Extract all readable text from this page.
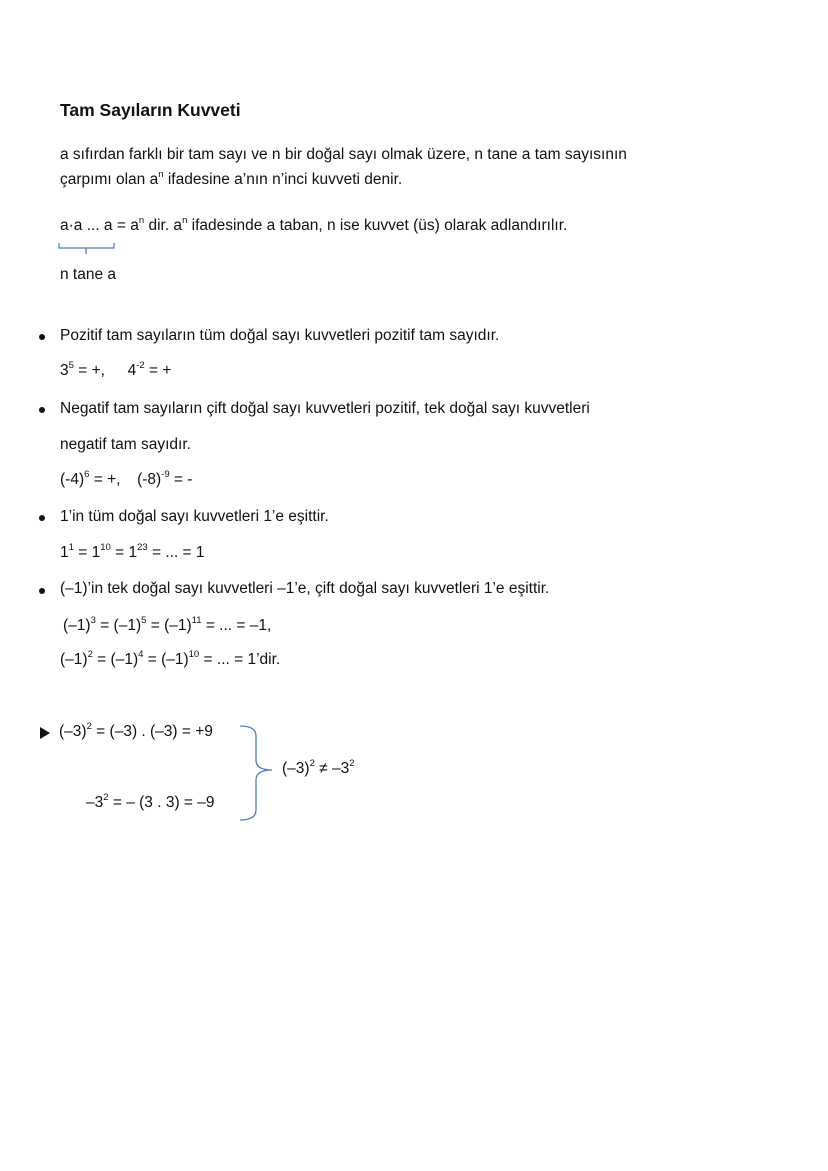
Tam Sayıların Kuvveti
a sıfırdan farklı bir tam sayı ve n bir doğal sayı olmak üzere, n tane a tam sayısının
çarpımı olan $a^n$ ifadesine a’nın n’inci kuvveti denir.
a·a ... $a = a^n$ dir. $a^n$ ifadesinde a taban, n ise kuvvet (üs) olarak adlandırılır.
n tane a
Pozitif tam sayıların tüm doğal sayı kuvvetleri pozitif tam sayıdır.
$3^5$ = +, $4^{-2}$ = +
Negatif tam sayıların çift doğal sayı kuvvetleri pozitif, tek doğal sayı kuvvetleri
negatif tam sayıdır.
$(-4)^6$ = +, $(-8)^{-9}$ = -
1’in tüm doğal sayı kuvvetleri 1’e eşittir.
$1^1 = 1^{10} = 1^{23}$ = ... = 1
(–1)’in tek doğal sayı kuvvetleri –1’e, çift doğal sayı kuvvetleri 1’e eşittir.
$(-1)^3 = (-1)^5 = (-1)^{11}$ = ... = –1,
$(-1)^2 = (-1)^4 = (-1)^{10}$ = ... = 1’dir.
$(-3)^2 = (-3)$ . (–3) = +9
$-3^2$ = – (3 . 3) = –9
$(-3)^2 \ne -3^2$
